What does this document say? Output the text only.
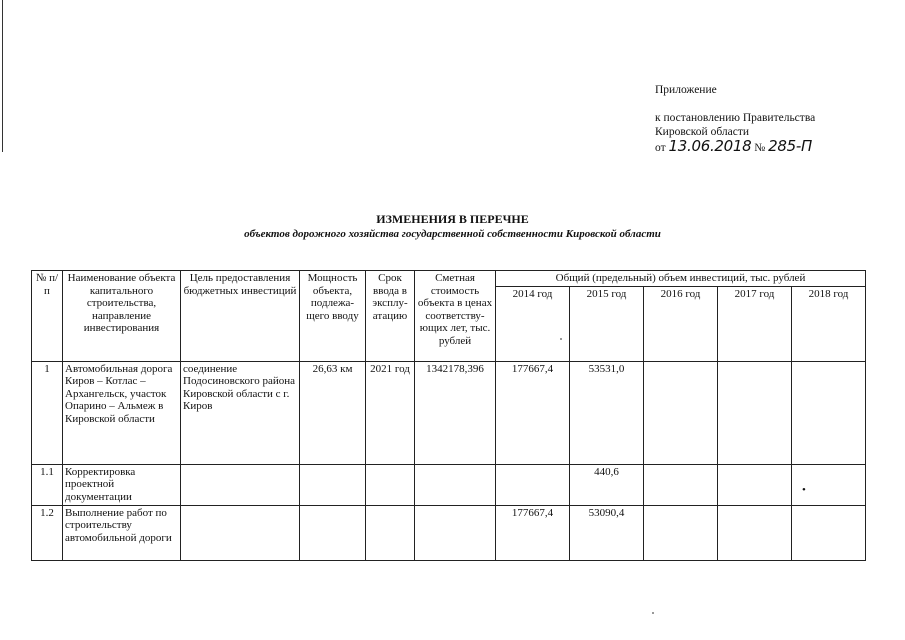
Приложение
к постановлению Правительства
Кировской области
от 13.06.2018 № 285-П
ИЗМЕНЕНИЯ В ПЕРЕЧНЕ
объектов дорожного хозяйства государственной собственности Кировской области
№ п/п	Наименование объекта капитального строительства, направление инвестирования	Цель предоставления бюджетных инвестиций	Мощность объекта, подлежа-щего вводу	Срок ввода в эксплу-атацию	Сметная стоимость объекта в ценах соответству-ющих лет, тыс. рублей	Общий (предельный) объем инвестиций, тыс. рублей				
						2014 год	2015 год	2016 год	2017 год	2018 год
1	Автомобильная дорога Киров – Котлас – Архангельск, участок Опарино – Альмеж в Кировской области	соединение Подосиновского района Кировской области с г. Киров	26,63 км	2021 год	1342178,396	177667,4	53531,0			
1.1	Корректировка проектной документации						440,6			
1.2	Выполнение работ по строительству автомобильной дороги					177667,4	53090,4			
•
